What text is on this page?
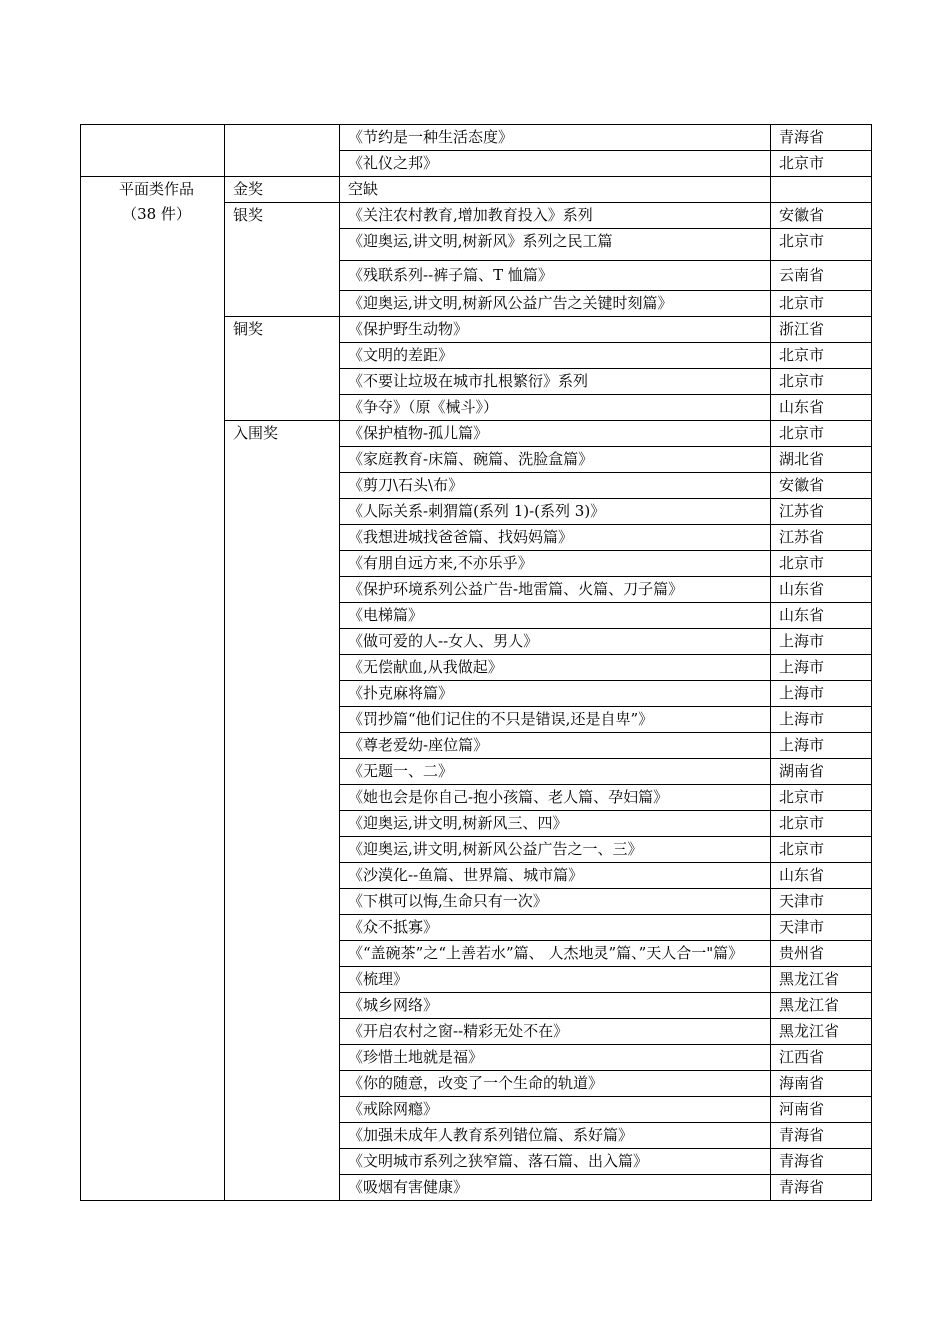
		《节约是一种生活态度》	青海省
		《礼仪之邦》	北京市

平面类作品
（38 件）	金奖	空缺	
	银奖	《关注农村教育,增加教育投入》系列	安徽省
		《迎奥运,讲文明,树新风》系列之民工篇	北京市
		《残联系列--裤子篇、T 恤篇》	云南省
		《迎奥运,讲文明,树新风公益广告之关键时刻篇》	北京市
	铜奖	《保护野生动物》	浙江省
		《文明的差距》	北京市
		《不要让垃圾在城市扎根繁衍》系列	北京市
		《争夺》（原《械斗》）	山东省
	入围奖	《保护植物-孤儿篇》	北京市
		《家庭教育-床篇、碗篇、洗脸盒篇》	湖北省
		《剪刀\石头\布》	安徽省
		《人际关系-刺猬篇(系列 1)-(系列 3)》	江苏省
		《我想进城找爸爸篇、找妈妈篇》	江苏省
		《有朋自远方来,不亦乐乎》	北京市
		《保护环境系列公益广告-地雷篇、火篇、刀子篇》	山东省
		《电梯篇》	山东省
		《做可爱的人--女人、男人》	上海市
		《无偿献血,从我做起》	上海市
		《扑克麻将篇》	上海市
		《罚抄篇“他们记住的不只是错误,还是自卑”》	上海市
		《尊老爱幼-座位篇》	上海市
		《无题一、二》	湖南省
		《她也会是你自己-抱小孩篇、老人篇、孕妇篇》	北京市
		《迎奥运,讲文明,树新风三、四》	北京市
		《迎奥运,讲文明,树新风公益广告之一、三》	北京市
		《沙漠化--鱼篇、世界篇、城市篇》	山东省
		《下棋可以悔,生命只有一次》	天津市
		《众不抵寡》	天津市
		《“盖碗茶”之“上善若水”篇、 人杰地灵”篇、”天人合一"篇》	贵州省
		《梳理》	黑龙江省
		《城乡网络》	黑龙江省
		《开启农村之窗--精彩无处不在》	黑龙江省
		《珍惜土地就是福》	江西省
		《你的随意，改变了一个生命的轨道》	海南省
		《戒除网瘾》	河南省
		《加强未成年人教育系列错位篇、系好篇》	青海省
		《文明城市系列之狭窄篇、落石篇、出入篇》	青海省
		《吸烟有害健康》	青海省
